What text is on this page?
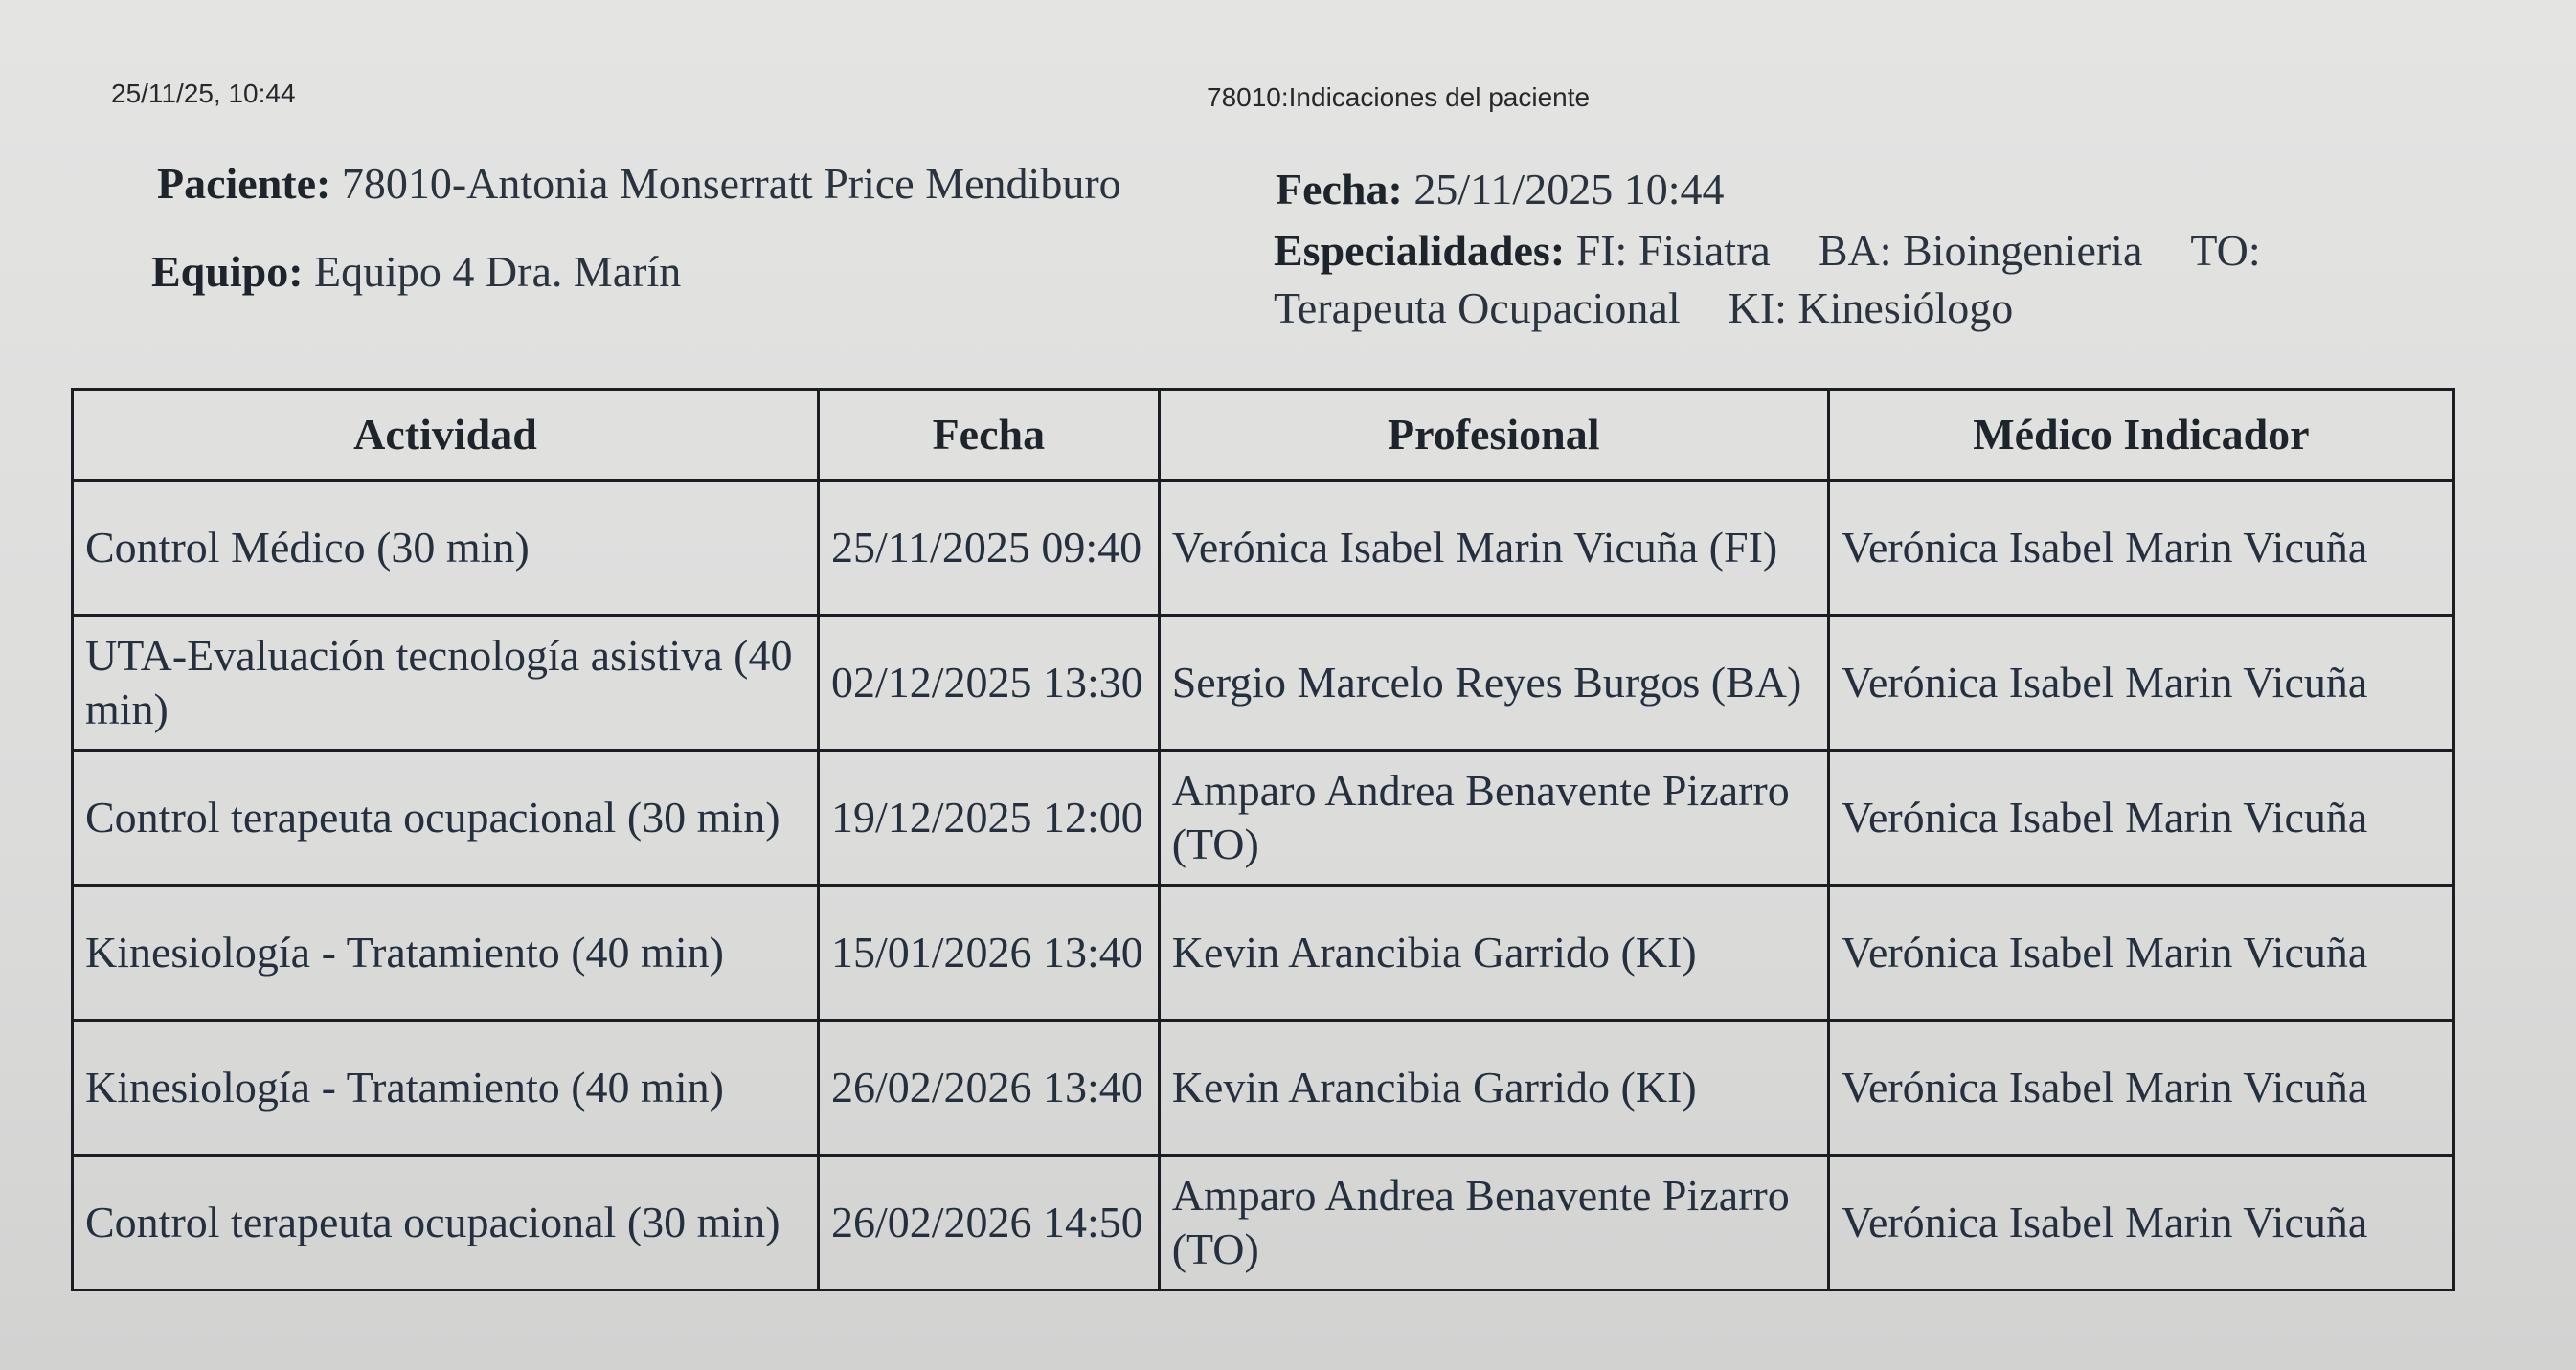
25/11/25, 10:44	78010:Indicaciones del paciente
Paciente: 78010-Antonia Monserratt Price Mendiburo	Fecha: 25/11/2025 10:44
Equipo: Equipo 4 Dra. Marín	Especialidades: FI: Fisiatra BA: Bioingenieria TO: Terapeuta Ocupacional KI: Kinesiólogo
Actividad	Fecha	Profesional	Médico Indicador
Control Médico (30 min)	25/11/2025 09:40	Verónica Isabel Marin Vicuña (FI)	Verónica Isabel Marin Vicuña
UTA-Evaluación tecnología asistiva (40 min)	02/12/2025 13:30	Sergio Marcelo Reyes Burgos (BA)	Verónica Isabel Marin Vicuña
Control terapeuta ocupacional (30 min)	19/12/2025 12:00	Amparo Andrea Benavente Pizarro (TO)	Verónica Isabel Marin Vicuña
Kinesiología - Tratamiento (40 min)	15/01/2026 13:40	Kevin Arancibia Garrido (KI)	Verónica Isabel Marin Vicuña
Kinesiología - Tratamiento (40 min)	26/02/2026 13:40	Kevin Arancibia Garrido (KI)	Verónica Isabel Marin Vicuña
Control terapeuta ocupacional (30 min)	26/02/2026 14:50	Amparo Andrea Benavente Pizarro (TO)	Verónica Isabel Marin Vicuña
